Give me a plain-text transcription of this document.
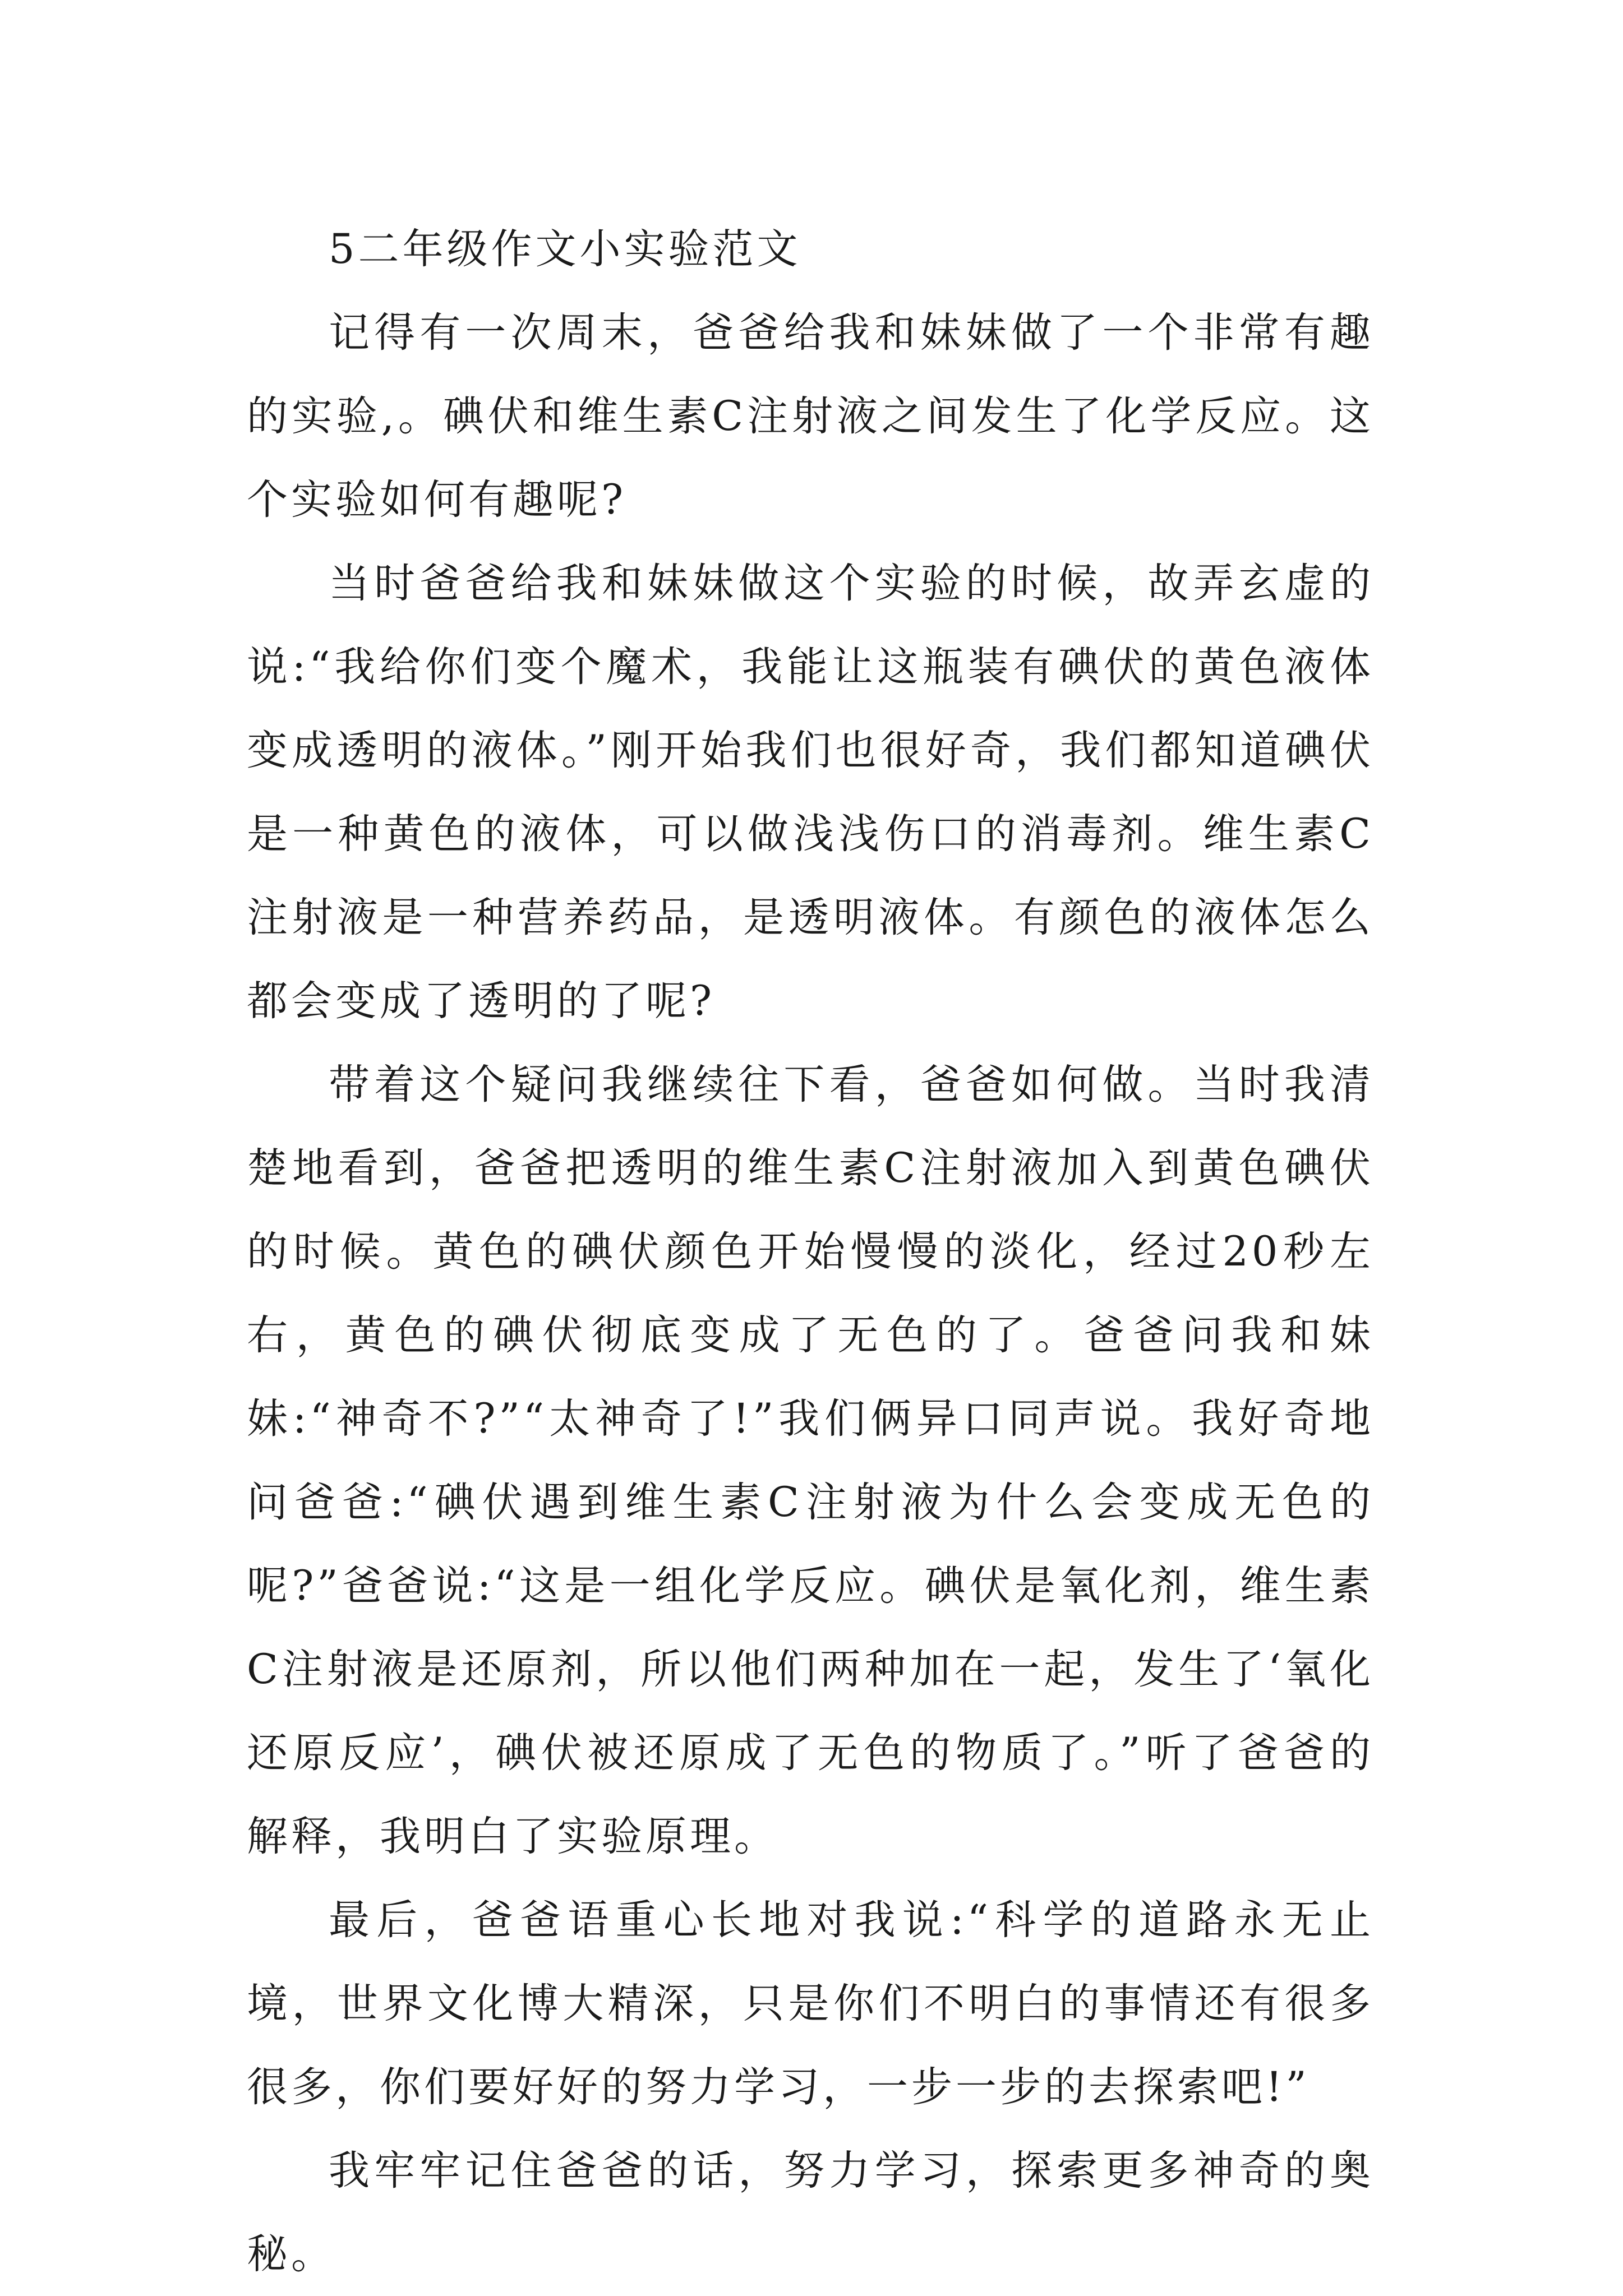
5二年级作文小实验范文

记得有一次周末，爸爸给我和妹妹做了一个非常有趣的实验,。碘伏和维生素C注射液之间发生了化学反应。这个实验如何有趣呢?

当时爸爸给我和妹妹做这个实验的时候，故弄玄虚的说:“我给你们变个魔术，我能让这瓶装有碘伏的黄色液体变成透明的液体。”刚开始我们也很好奇，我们都知道碘伏是一种黄色的液体，可以做浅浅伤口的消毒剂。维生素C注射液是一种营养药品，是透明液体。有颜色的液体怎么都会变成了透明的了呢?

带着这个疑问我继续往下看，爸爸如何做。当时我清楚地看到，爸爸把透明的维生素C注射液加入到黄色碘伏的时候。黄色的碘伏颜色开始慢慢的淡化，经过20秒左右，黄色的碘伏彻底变成了无色的了。爸爸问我和妹妹:“神奇不?”“太神奇了!”我们俩异口同声说。我好奇地问爸爸:“碘伏遇到维生素C注射液为什么会变成无色的呢?”爸爸说:“这是一组化学反应。碘伏是氧化剂，维生素C注射液是还原剂，所以他们两种加在一起，发生了‘氧化还原反应’，碘伏被还原成了无色的物质了。”听了爸爸的解释，我明白了实验原理。

最后，爸爸语重心长地对我说:“科学的道路永无止境，世界文化博大精深，只是你们不明白的事情还有很多很多，你们要好好的努力学习，一步一步的去探索吧!”

我牢牢记住爸爸的话，努力学习，探索更多神奇的奥秘。
